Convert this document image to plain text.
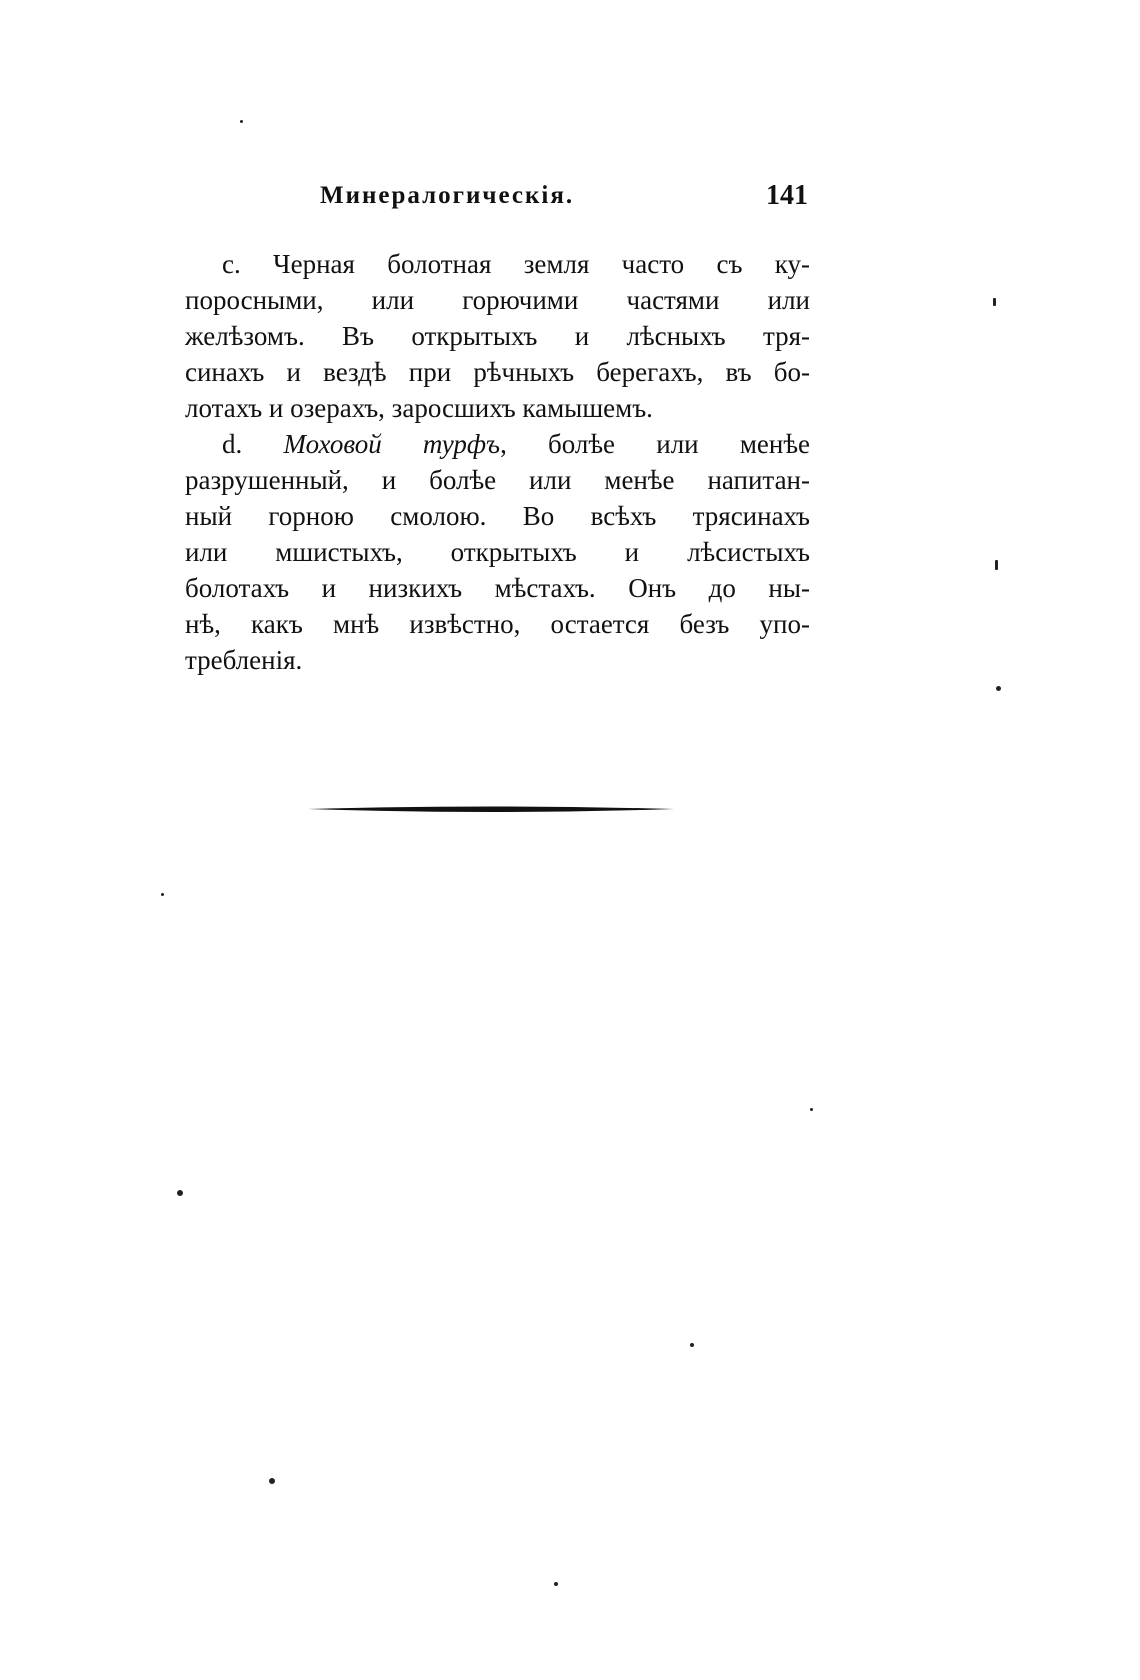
Минералогическія.	141
c. Черная болотная земля часто съ ку-
поросными, или горючими частями или
желѣзомъ. Въ открытыхъ и лѣсныхъ тря-
синахъ и вездѣ при рѣчныхъ берегахъ, въ бо-
лотахъ и озерахъ, заросшихъ камышемъ.
d. Моховой турфъ, болѣе или менѣе
разрушенный, и болѣе или менѣе напитан-
ный горною смолою. Во всѣхъ трясинахъ
или мшистыхъ, открытыхъ и лѣсистыхъ
болотахъ и низкихъ мѣстахъ. Онъ до ны-
нѣ, какъ мнѣ извѣстно, остается безъ упо-
требленія.
